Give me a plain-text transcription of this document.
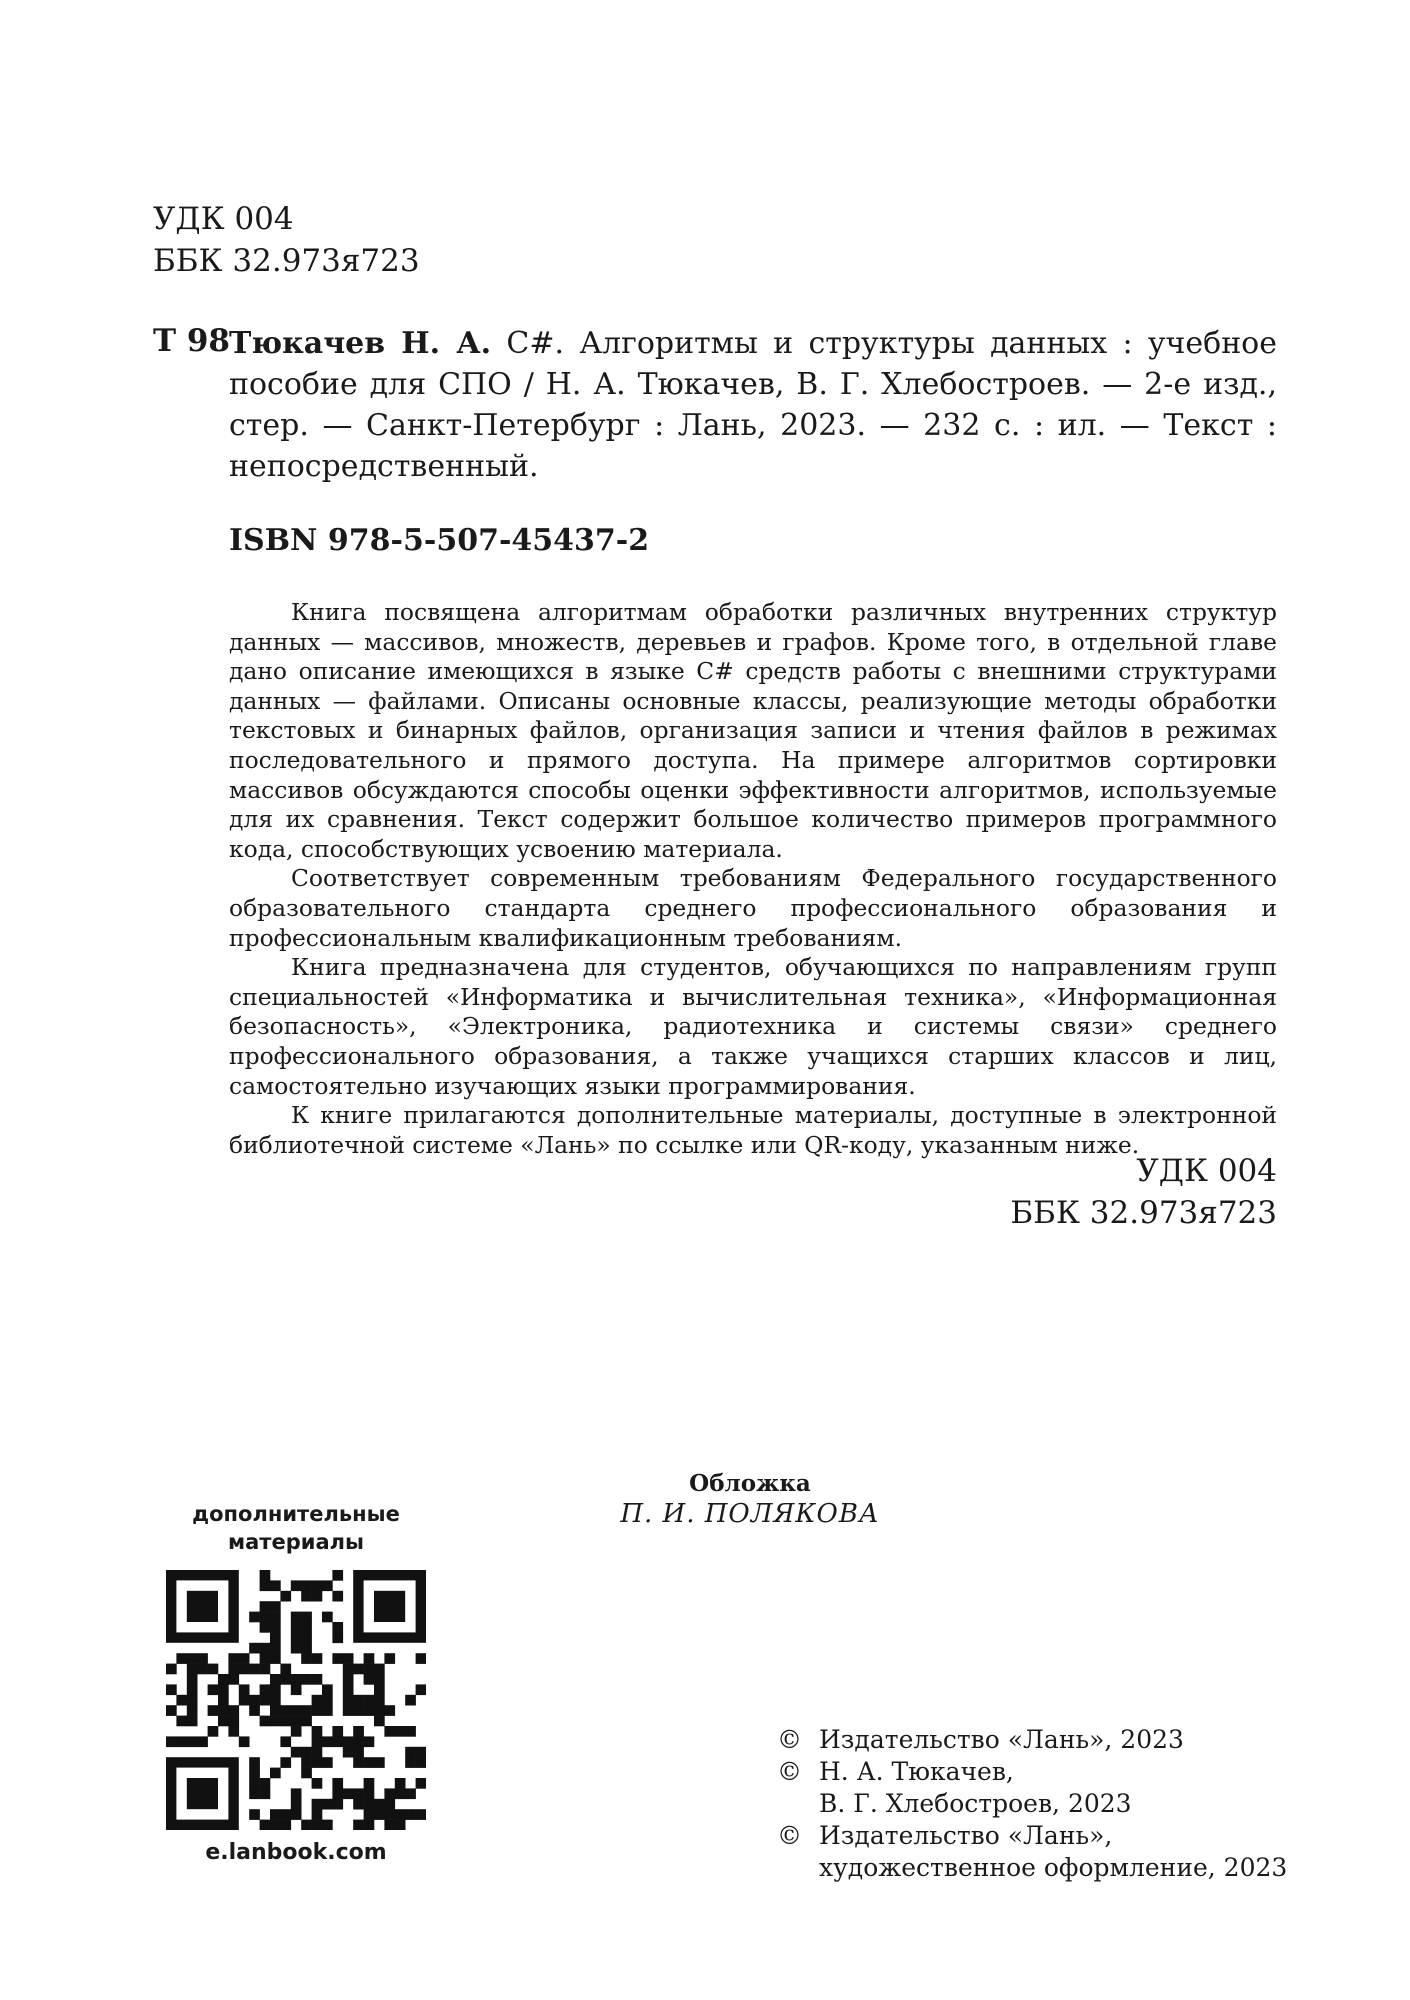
УДК 004
ББК 32.973я723
Т 98
Тюкачев Н. А. C#. Алгоритмы и структуры данных : учебное пособие для СПО / Н. А. Тюкачев, В. Г. Хлебостроев. — 2-е изд., стер. — Санкт-Петербург : Лань, 2023. — 232 с. : ил. — Текст : непосредственный.
ISBN 978-5-507-45437-2

Книга посвящена алгоритмам обработки различных внутренних структур данных — массивов, множеств, деревьев и графов. Кроме того, в отдельной главе дано описание имеющихся в языке C# средств работы с внешними структурами данных — файлами. Описаны основные классы, реализующие методы обработки текстовых и бинарных файлов, организация записи и чтения файлов в режимах последовательного и прямого доступа. На примере алгоритмов сортировки массивов обсуждаются способы оценки эффективности алгоритмов, используемые для их сравнения. Текст содержит большое количество примеров программного кода, способствующих усвоению материала.

Соответствует современным требованиям Федерального государственного образовательного стандарта среднего профессионального образования и профессиональным квалификационным требованиям.

Книга предназначена для студентов, обучающихся по направлениям групп специальностей «Информатика и вычислительная техника», «Информационная безопасность», «Электроника, радиотехника и системы связи» среднего профессионального образования, а также учащихся старших классов и лиц, самостоятельно изучающих языки программирования.

К книге прилагаются дополнительные материалы, доступные в электронной библиотечной системе «Лань» по ссылке или QR-коду, указанным ниже.

УДК 004
ББК 32.973я723
Обложка
П. И. ПОЛЯКОВА
дополнительные
материалы
e.lanbook.com
© Издательство «Лань», 2023
© Н. А. Тюкачев,
В. Г. Хлебостроев, 2023
© Издательство «Лань»,
художественное оформление, 2023
